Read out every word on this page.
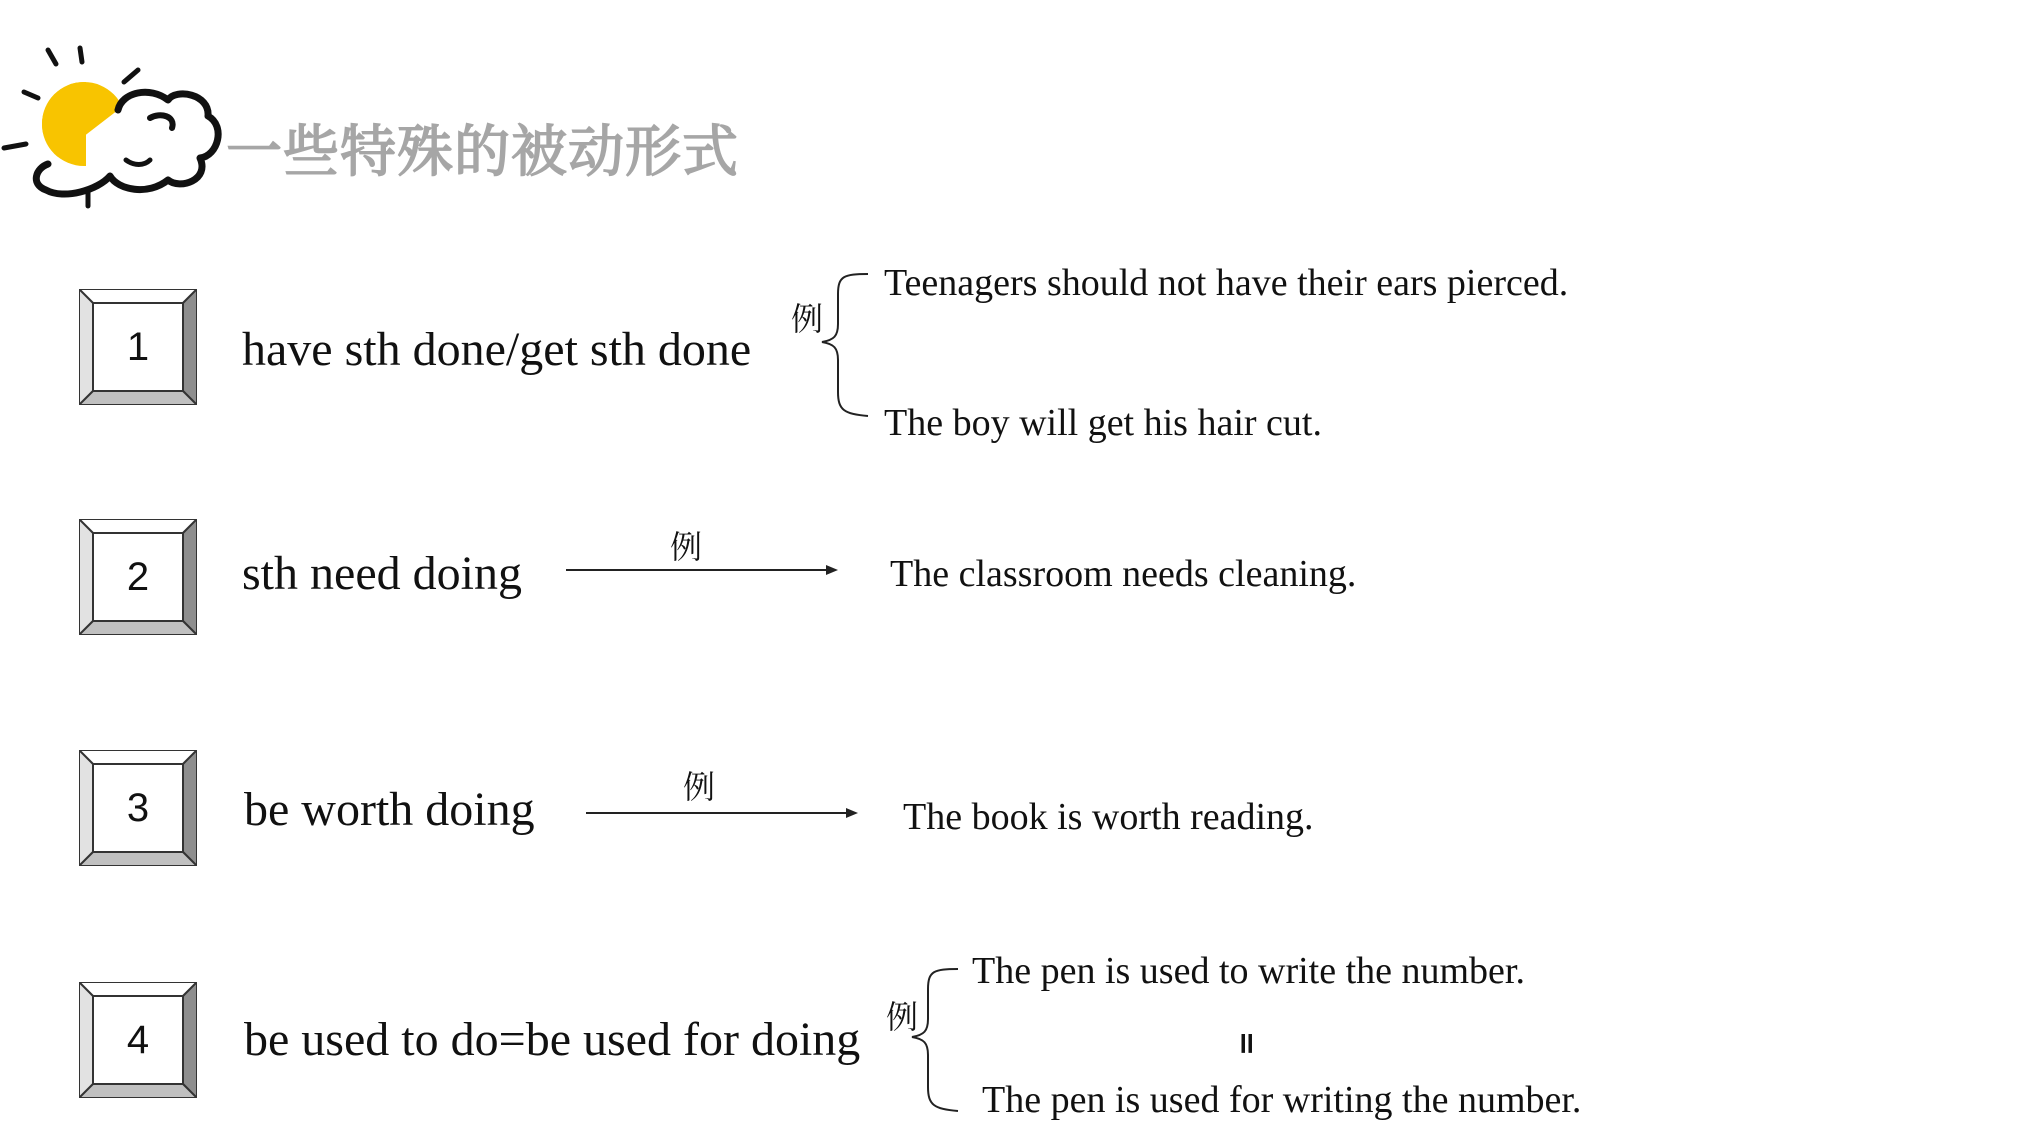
一些特殊的被动形式
1
2
3
4
have sth done/get sth done
sth need doing
be worth doing
be used to do=be used for doing
例
Teenagers should not have their ears pierced.
The boy will get his hair cut.
例
The classroom needs cleaning.
例
The book is worth reading.
例
The pen is used to write the number.
=
The pen is used for writing the number.
